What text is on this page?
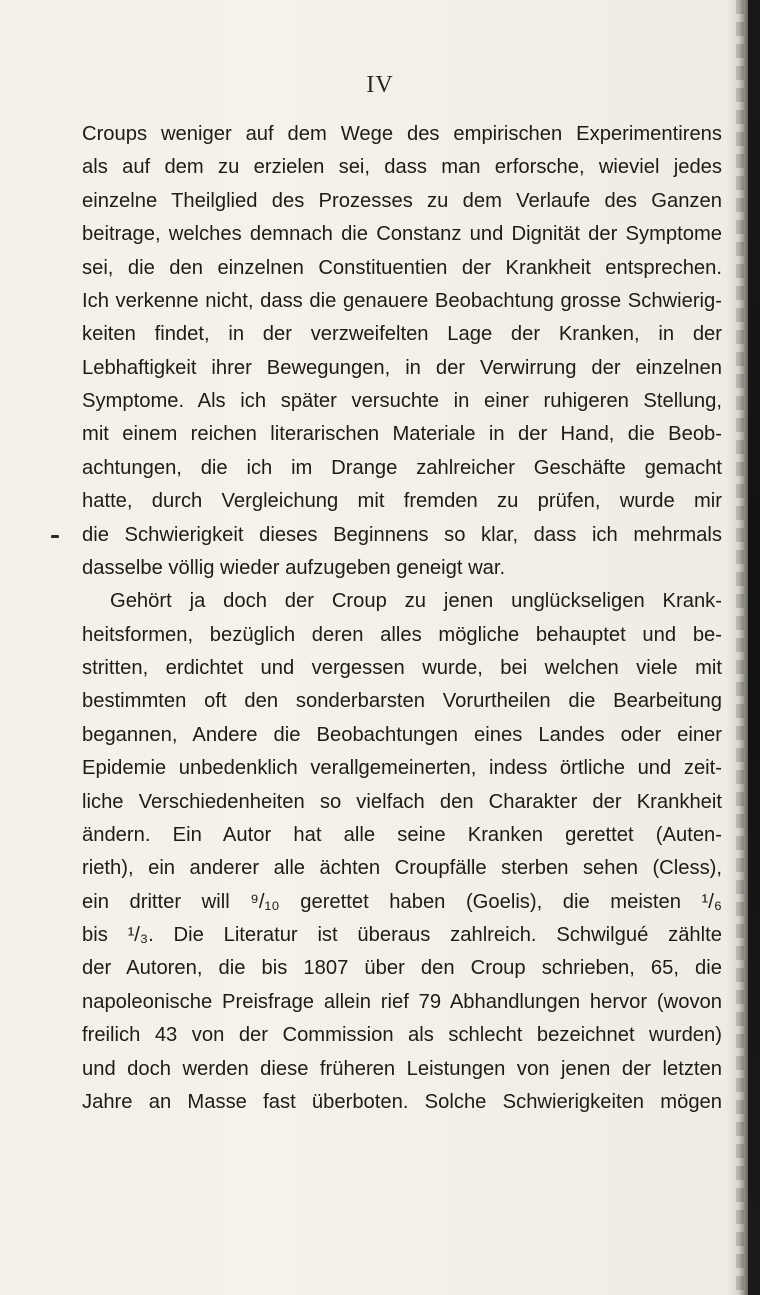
IV
Croups weniger auf dem Wege des empirischen Experimentirens
als auf dem zu erzielen sei, dass man erforsche, wieviel jedes
einzelne Theilglied des Prozesses zu dem Verlaufe des Ganzen
beitrage, welches demnach die Constanz und Dignität der Symptome
sei, die den einzelnen Constituentien der Krankheit entsprechen.
Ich verkenne nicht, dass die genauere Beobachtung grosse Schwierig-
keiten findet, in der verzweifelten Lage der Kranken, in der
Lebhaftigkeit ihrer Bewegungen, in der Verwirrung der einzelnen
Symptome. Als ich später versuchte in einer ruhigeren Stellung,
mit einem reichen literarischen Materiale in der Hand, die Beob-
achtungen, die ich im Drange zahlreicher Geschäfte gemacht
hatte, durch Vergleichung mit fremden zu prüfen, wurde mir
die Schwierigkeit dieses Beginnens so klar, dass ich mehrmals
dasselbe völlig wieder aufzugeben geneigt war.
Gehört ja doch der Croup zu jenen unglückseligen Krank-
heitsformen, bezüglich deren alles mögliche behauptet und be-
stritten, erdichtet und vergessen wurde, bei welchen viele mit
bestimmten oft den sonderbarsten Vorurtheilen die Bearbeitung
begannen, Andere die Beobachtungen eines Landes oder einer
Epidemie unbedenklich verallgemeinerten, indess örtliche und zeit-
liche Verschiedenheiten so vielfach den Charakter der Krankheit
ändern. Ein Autor hat alle seine Kranken gerettet (Auten-
rieth), ein anderer alle ächten Croupfälle sterben sehen (Cless),
ein dritter will ⁹/₁₀ gerettet haben (Goelis), die meisten ¹/₆
bis ¹/₃. Die Literatur ist überaus zahlreich. Schwilgué zählte
der Autoren, die bis 1807 über den Croup schrieben, 65, die
napoleonische Preisfrage allein rief 79 Abhandlungen hervor (wovon
freilich 43 von der Commission als schlecht bezeichnet wurden)
und doch werden diese früheren Leistungen von jenen der letzten
Jahre an Masse fast überboten. Solche Schwierigkeiten mögen
